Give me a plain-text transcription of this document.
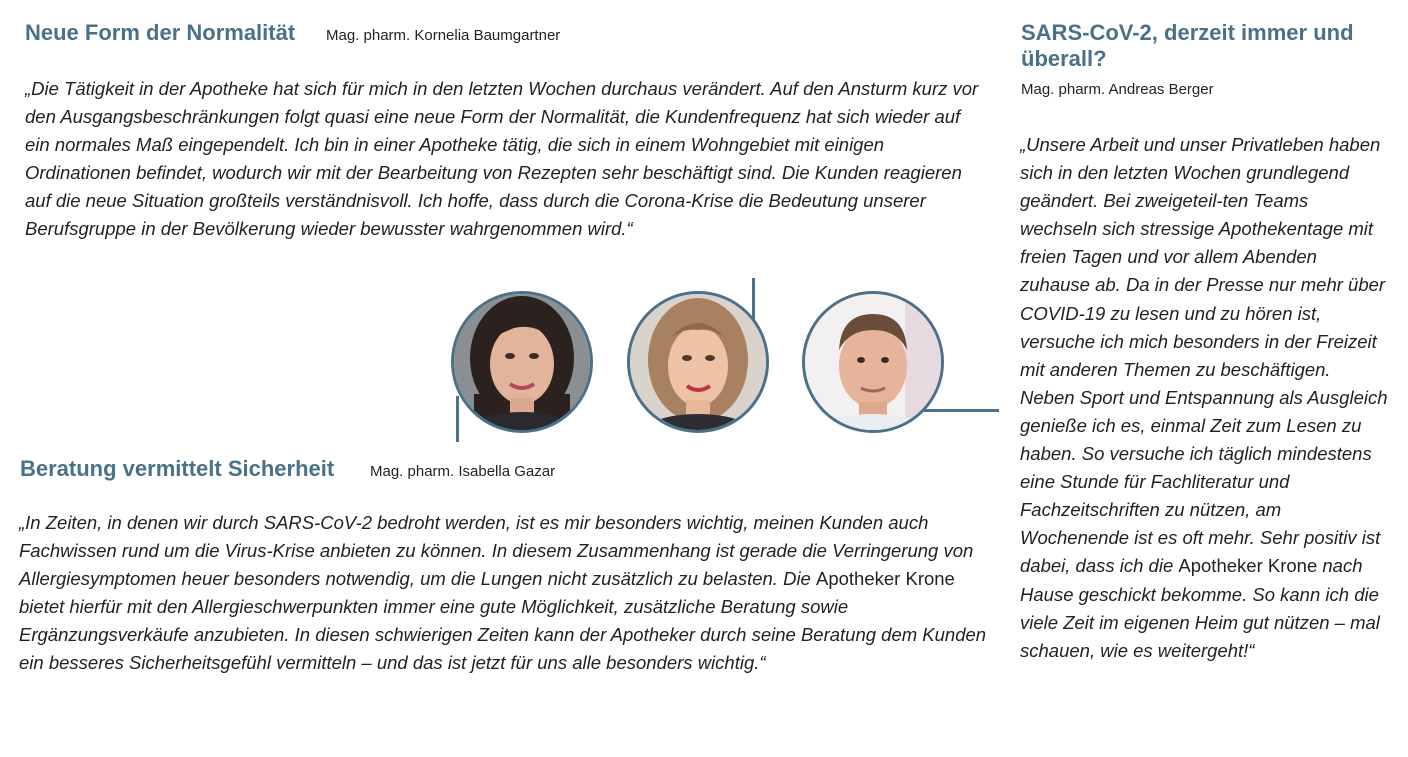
Neue Form der Normalität Mag. pharm. Kornelia Baumgartner

„Die Tätigkeit in der Apotheke hat sich für mich in den letzten Wochen durchaus verändert. Auf den Ansturm kurz vor den Ausgangsbeschränkungen folgt quasi eine neue Form der Normalität, die Kundenfrequenz hat sich wieder auf ein normales Maß eingependelt. Ich bin in einer Apotheke tätig, die sich in einem Wohngebiet mit einigen Ordinationen befindet, wodurch wir mit der Bearbeitung von Rezepten sehr beschäftigt sind. Die Kunden reagieren auf die neue Situation großteils verständnisvoll. Ich hoffe, dass durch die Corona-Krise die Bedeutung unserer Berufsgruppe in der Bevölkerung wieder bewusster wahrgenommen wird.“

Beratung vermittelt Sicherheit Mag. pharm. Isabella Gazar

„In Zeiten, in denen wir durch SARS-CoV-2 bedroht werden, ist es mir besonders wichtig, meinen Kunden auch Fachwissen rund um die Virus-Krise anbieten zu können. In diesem Zusammenhang ist gerade die Verringerung von Allergiesymptomen heuer besonders notwendig, um die Lungen nicht zusätzlich zu belasten. Die Apotheker Krone bietet hierfür mit den Allergieschwerpunkten immer eine gute Möglichkeit, zusätzliche Beratung sowie Ergänzungsverkäufe anzubieten. In diesen schwierigen Zeiten kann der Apotheker durch seine Beratung dem Kunden ein besseres Sicherheitsgefühl vermitteln – und das ist jetzt für uns alle besonders wichtig.“

SARS-CoV-2, derzeit immer und überall?
Mag. pharm. Andreas Berger

„Unsere Arbeit und unser Privatleben haben sich in den letzten Wochen grundlegend geändert. Bei zweigeteil-ten Teams wechseln sich stressige Apothekentage mit freien Tagen und vor allem Abenden zuhause ab. Da in der Presse nur mehr über COVID-19 zu lesen und zu hören ist, versuche ich mich besonders in der Freizeit mit anderen Themen zu beschäftigen. Neben Sport und Entspannung als Ausgleich genieße ich es, einmal Zeit zum Lesen zu haben. So versuche ich täglich mindestens eine Stunde für Fachliteratur und Fachzeitschriften zu nützen, am Wochenende ist es oft mehr. Sehr positiv ist dabei, dass ich die Apotheker Krone nach Hause geschickt bekomme. So kann ich die viele Zeit im eigenen Heim gut nützen – mal schauen, wie es weitergeht!“
